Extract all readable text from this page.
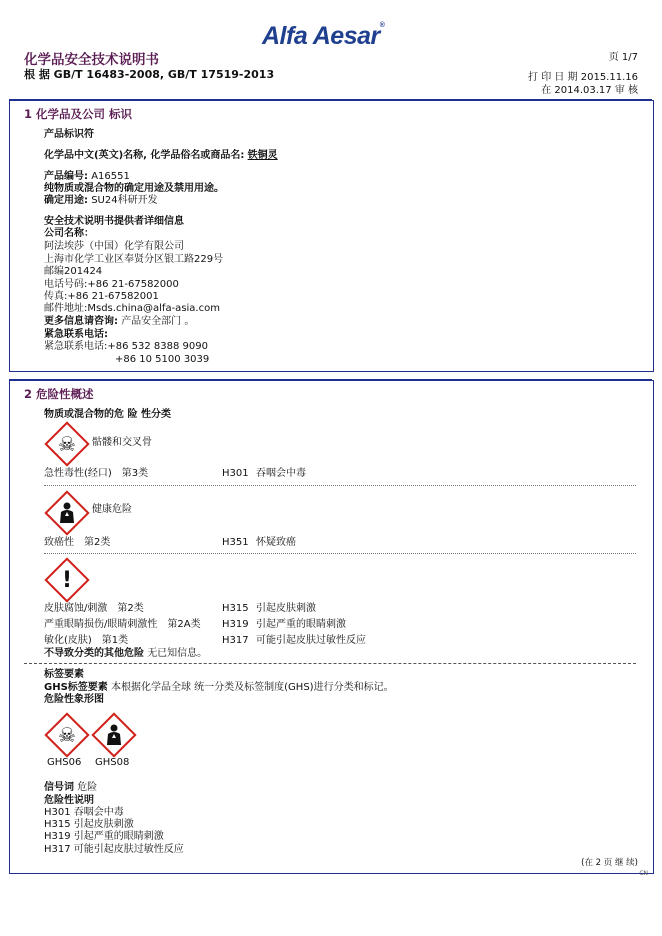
化学品安全技术说明书
根 据 GB/T 16483-2008, GB/T 17519-2013
Alfa Aesar®
页 1/7
打 印 日 期 2015.11.16
在 2014.03.17 审 核
1 化学品及公司 标识
产品标识符
化学品中文(英文)名称, 化学品俗名或商品名: 铁铜灵
产品编号: A16551
纯物质或混合物的确定用途及禁用用途。
确定用途: SU24科研开发
安全技术说明书提供者详细信息
公司名称：
阿法埃莎（中国）化学有限公司
上海市化学工业区奉贤分区银工路229号
邮编201424
电话号码:+86 21-67582000
传真:+86 21-67582001
邮件地址:Msds.china@alfa-asia.com
更多信息请咨询: 产品安全部门 。
紧急联系电话:
紧急联系电话:+86 532 8388 9090
+86 10 5100 3039
2 危险性概述
物质或混合物的危 险 性分类
☠	骷髅和交叉骨
急性毒性(经口)　第3类	H301 吞咽会中毒
健康危险
致癌性　第2类	H351 怀疑致癌
!
皮肤腐蚀/刺激　第2类	H315 引起皮肤刺激
严重眼睛损伤/眼睛刺激性　第2A类 H319 引起严重的眼睛刺激
敏化(皮肤)　第1类	H317 可能引起皮肤过敏性反应
不导致分类的其他危险 无已知信息。
标签要素
GHS标签要素 本根据化学品全球 统一分类及标签制度(GHS)进行分类和标记。
危险性象形图
☠
GHS06 GHS08
信号词 危险
危险性说明
H301 吞咽会中毒
H315 引起皮肤刺激
H319 引起严重的眼睛刺激
H317 可能引起皮肤过敏性反应
(在 2 页 继 续)
CN
